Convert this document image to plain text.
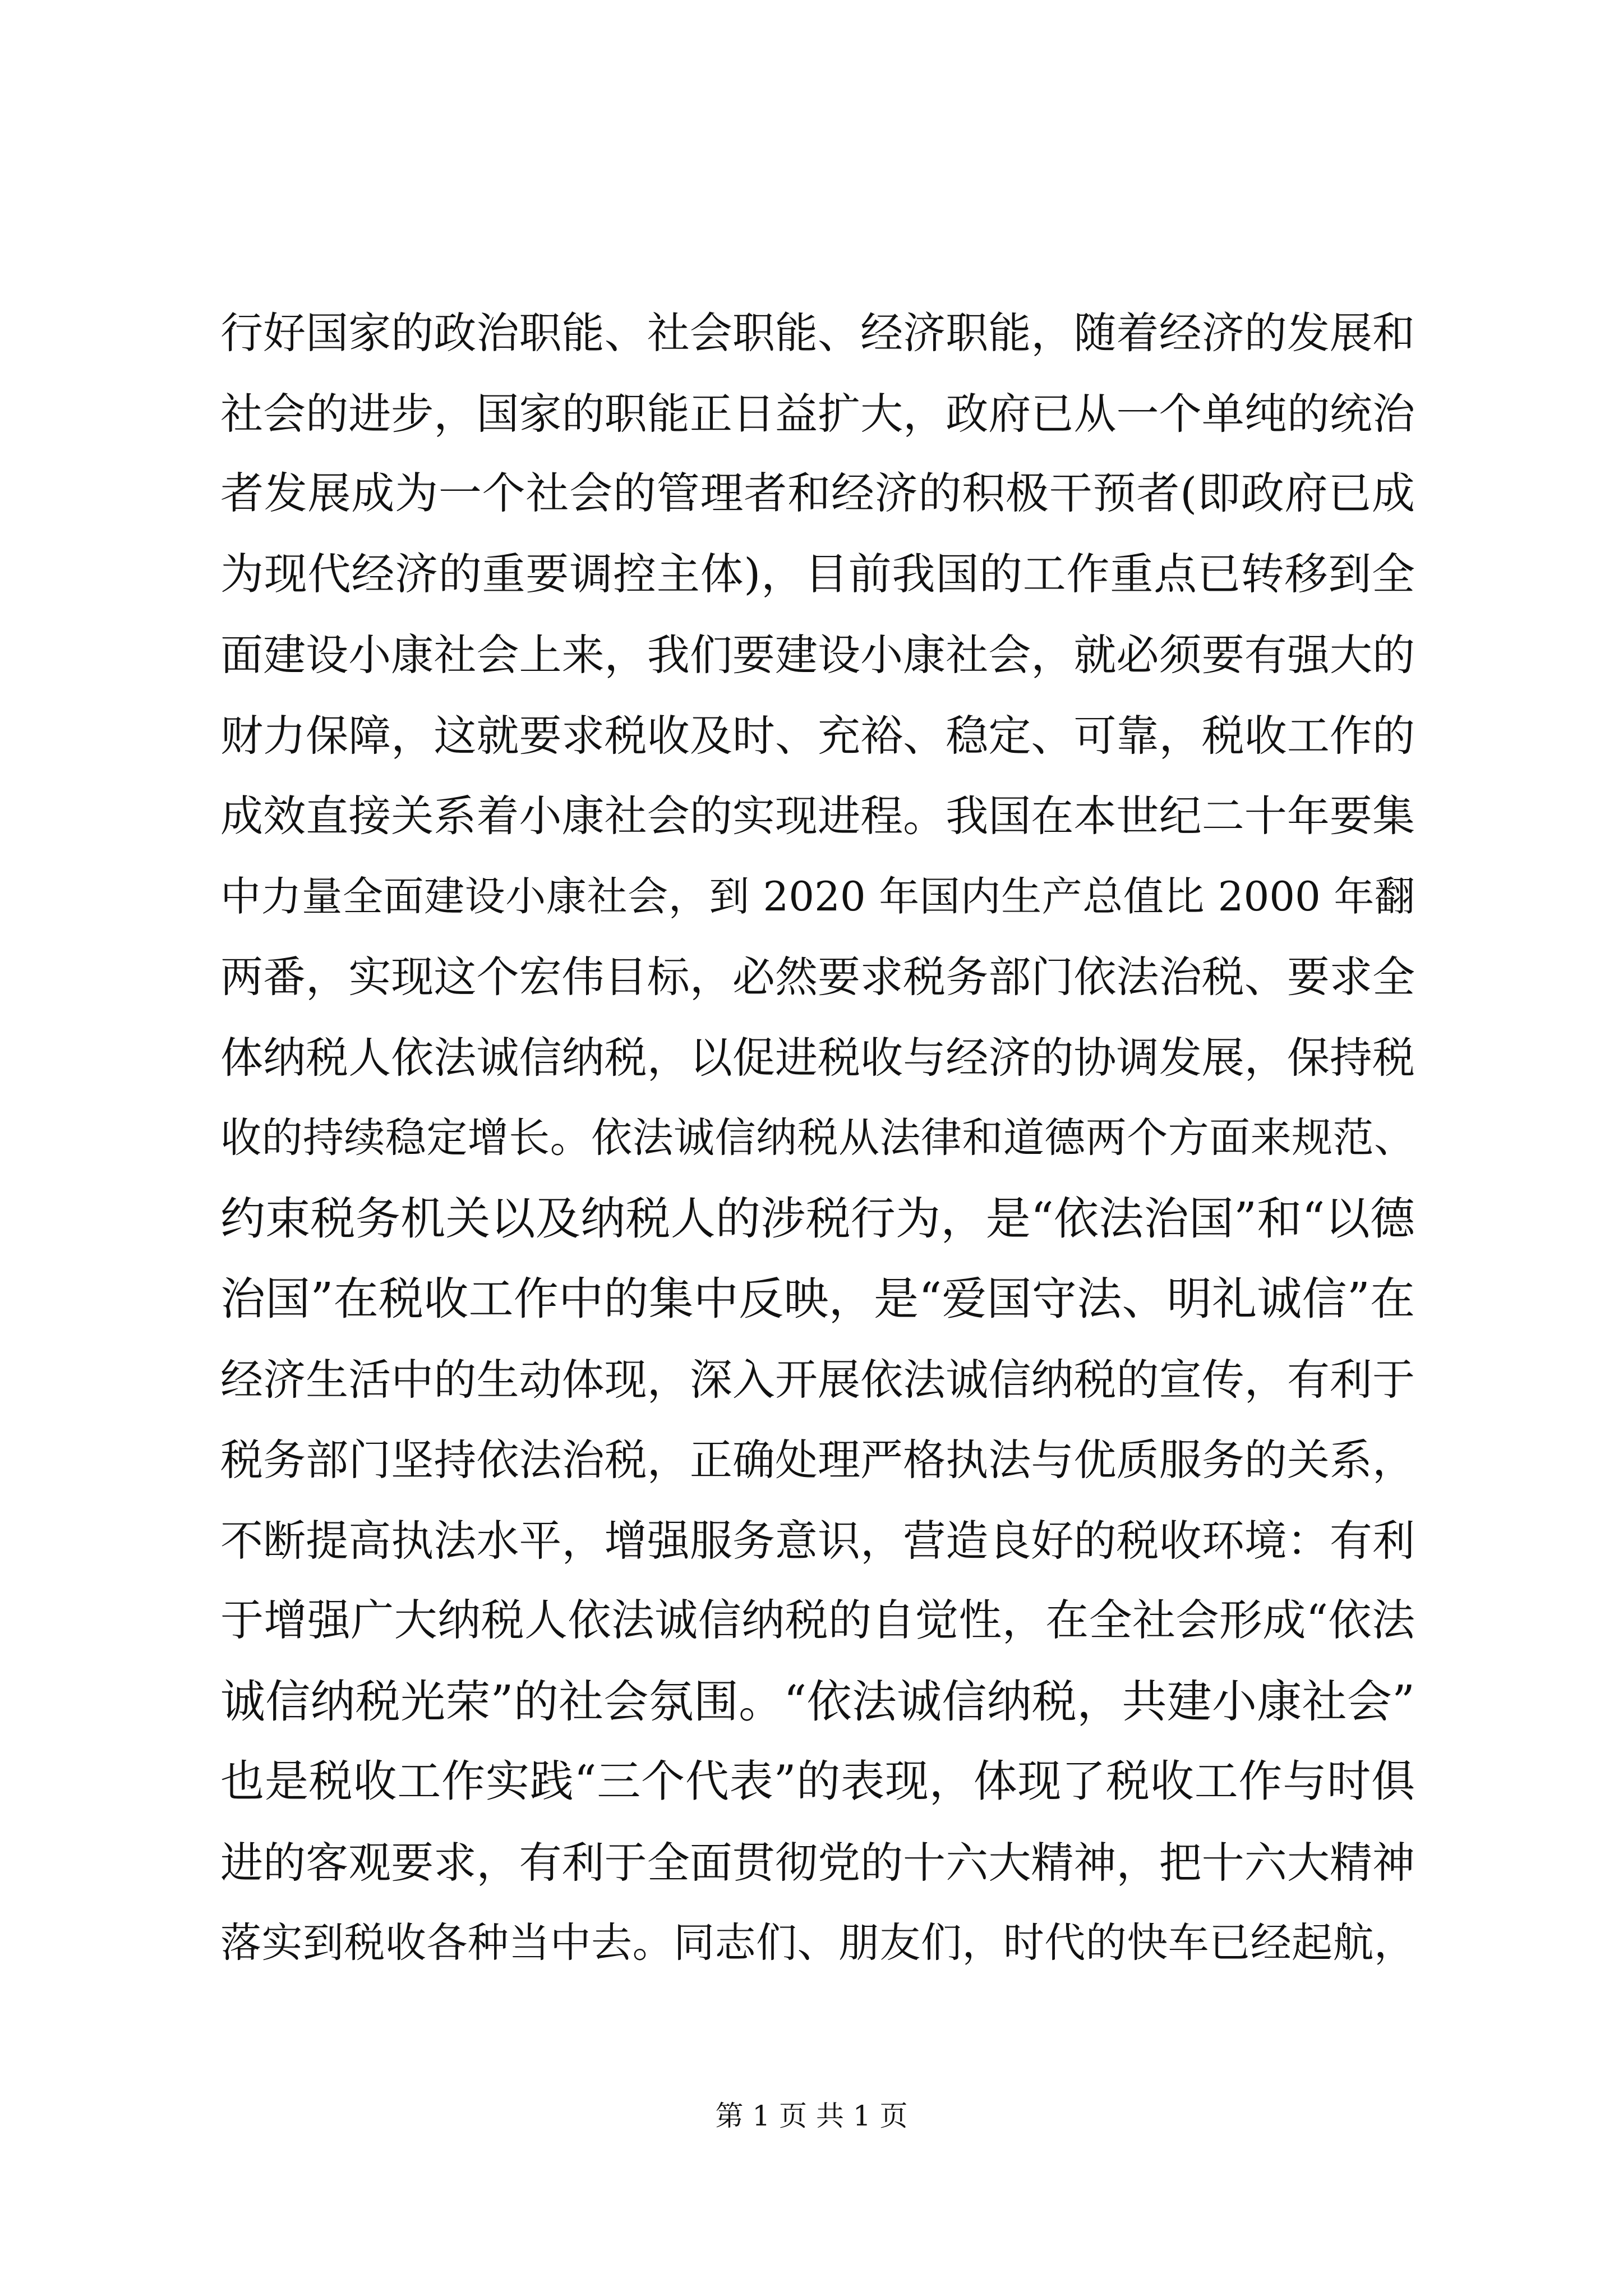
行好国家的政治职能、社会职能、经济职能，随着经济的发展和
社会的进步，国家的职能正日益扩大，政府已从一个单纯的统治
者发展成为一个社会的管理者和经济的积极干预者(即政府已成
为现代经济的重要调控主体)，目前我国的工作重点已转移到全
面建设小康社会上来，我们要建设小康社会，就必须要有强大的
财力保障，这就要求税收及时、充裕、稳定、可靠，税收工作的
成效直接关系着小康社会的实现进程。我国在本世纪二十年要集
中力量全面建设小康社会，到 2020 年国内生产总值比 2000 年翻
两番，实现这个宏伟目标，必然要求税务部门依法治税、要求全
体纳税人依法诚信纳税，以促进税收与经济的协调发展，保持税
收的持续稳定增长。依法诚信纳税从法律和道德两个方面来规范、
约束税务机关以及纳税人的涉税行为，是“依法治国”和“以德
治国”在税收工作中的集中反映，是“爱国守法、明礼诚信”在
经济生活中的生动体现，深入开展依法诚信纳税的宣传，有利于
税务部门坚持依法治税，正确处理严格执法与优质服务的关系，
不断提高执法水平，增强服务意识，营造良好的税收环境：有利
于增强广大纳税人依法诚信纳税的自觉性，在全社会形成“依法
诚信纳税光荣”的社会氛围。“依法诚信纳税，共建小康社会”
也是税收工作实践“三个代表”的表现，体现了税收工作与时俱
进的客观要求，有利于全面贯彻党的十六大精神，把十六大精神
落实到税收各种当中去。同志们、朋友们，时代的快车已经起航，
第 1 页 共 1 页
